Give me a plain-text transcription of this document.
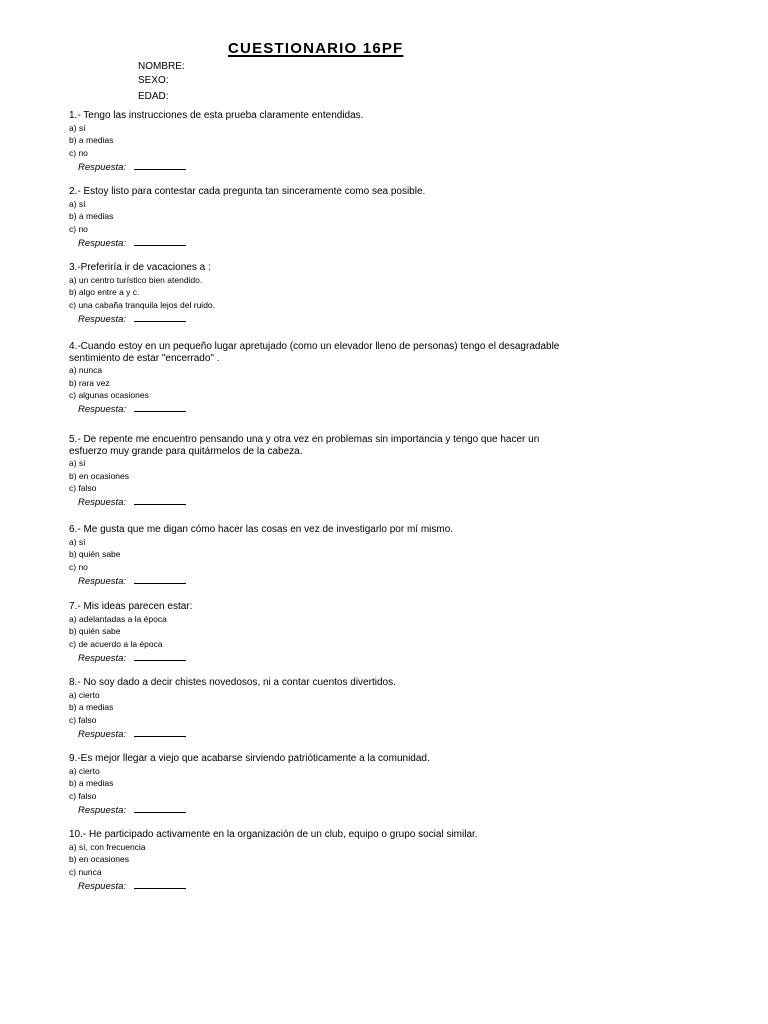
CUESTIONARIO 16PF
NOMBRE:
SEXO:
EDAD:

1.- Tengo las instrucciones de esta prueba claramente entendidas.

a) sí

b) a medias

c) no

Respuesta:

2.- Estoy listo para contestar cada pregunta tan sinceramente como sea posible.

a) sí

b) a medias

c) no

Respuesta:

3.-Preferiría ir de vacaciones a :

a) un centro turístico bien atendido.

b) algo entre a y c.

c) una cabaña tranquila lejos del ruido.

Respuesta:

4.-Cuando estoy en un pequeño lugar apretujado (como un elevador lleno de personas) tengo el desagradable sentimiento de estar "encerrado" .

a) nunca

b) rara vez

c) algunas ocasiones

Respuesta:

5.- De repente me encuentro pensando una y otra vez en problemas sin importancia y tengo que hacer un esfuerzo muy grande para quitármelos de la cabeza.

a) sí

b) en ocasiones

c) falso

Respuesta:

6.- Me gusta que me digan cómo hacer las cosas en vez de investigarlo por mí mismo.

a) sí

b) quién sabe

c) no

Respuesta:

7.- Mis ideas parecen estar:

a) adelantadas a la época

b) quién sabe

c) de acuerdo a la época

Respuesta:

8.- No soy dado a decir chistes novedosos, ni a contar cuentos divertidos.

a) cierto

b) a medias

c) falso

Respuesta:

9.-Es mejor llegar a viejo que acabarse sirviendo patrióticamente a la comunidad.

a) cierto

b) a medias

c) falso

Respuesta:

10.- He participado activamente en la organización de un club, equipo o grupo social similar.

a) sí, con frecuencia

b) en ocasiones

c) nunca

Respuesta:
